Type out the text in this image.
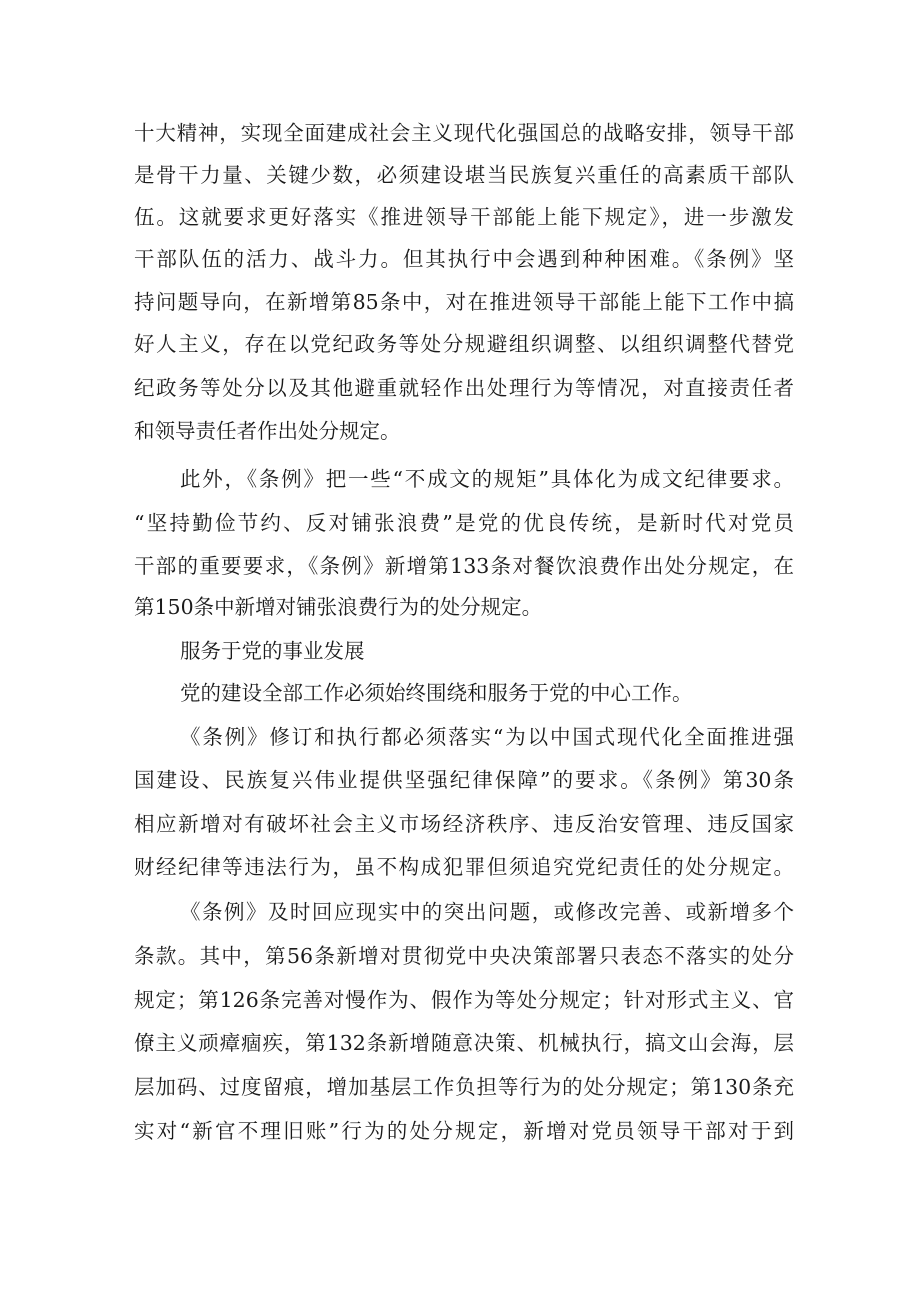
十大精神，实现全面建成社会主义现代化强国总的战略安排，领导干部
是骨干力量、关键少数，必须建设堪当民族复兴重任的高素质干部队
伍。这就要求更好落实《推进领导干部能上能下规定》，进一步激发
干部队伍的活力、战斗力。但其执行中会遇到种种困难。《条例》坚
持问题导向，在新增第85条中，对在推进领导干部能上能下工作中搞
好人主义，存在以党纪政务等处分规避组织调整、以组织调整代替党
纪政务等处分以及其他避重就轻作出处理行为等情况，对直接责任者
和领导责任者作出处分规定。
此外，《条例》把一些“不成文的规矩”具体化为成文纪律要求。
“坚持勤俭节约、反对铺张浪费”是党的优良传统，是新时代对党员
干部的重要要求，《条例》新增第133条对餐饮浪费作出处分规定，在
第150条中新增对铺张浪费行为的处分规定。
服务于党的事业发展
党的建设全部工作必须始终围绕和服务于党的中心工作。
《条例》修订和执行都必须落实“为以中国式现代化全面推进强
国建设、民族复兴伟业提供坚强纪律保障”的要求。《条例》第30条
相应新增对有破坏社会主义市场经济秩序、违反治安管理、违反国家
财经纪律等违法行为，虽不构成犯罪但须追究党纪责任的处分规定。
《条例》及时回应现实中的突出问题，或修改完善、或新增多个
条款。其中，第56条新增对贯彻党中央决策部署只表态不落实的处分
规定；第126条完善对慢作为、假作为等处分规定；针对形式主义、官
僚主义顽瘴痼疾，第132条新增随意决策、机械执行，搞文山会海，层
层加码、过度留痕，增加基层工作负担等行为的处分规定；第130条充
实对“新官不理旧账”行为的处分规定，新增对党员领导干部对于到
